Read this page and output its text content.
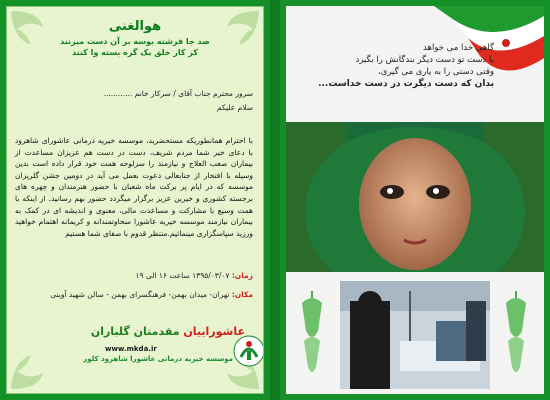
هوالغنی
صد جا فرشته بوسه بر آن دست میزنند
کز کار خلق یک گره بسته وا کنند
سرور محترم جناب آقای / سرکار خانم ............
سلام علیکم
با احترام همانطوریکه مستحضرید، موسسه خیریه درمانی عاشورای شاهرود با دعای خیر شما مردم شریف، دست در دست هم عزیزان مساعدت از بیماران صعب العلاج و نیازمند را سرلوحه همت خود قرار داده است بدین وسیله با افتخار از جنابعالی دعوت بعمل می آید در دومین جشن گلریزان موسسه که در ایام پر برکت ماه شعبان با حضور هنرمندان و چهره های برجسته کشوری و خیرین عزیز برگزار میگردد حضور بهم رسانید. از اینکه با همت وسیع با مشارکت و مساعدت مالی، معنوی و اندیشه ای در کمک به بیماران نیازمند موسسه خیریه عاشورا سخاوتمندانه و کریمانه اهتمام خواهید ورزید سپاسگزاری مینمائیم.منتظر قدوم با صفای شما هستیم
زمان: ۱۳۹۵/۰۳/۰۷ ساعت ۱۶ الی ۱۹
مکان: تهران- میدان بهمن- فرهنگسرای بهمن - سالن شهید آوینی
عاشوراییان مقدمتان گلباران
www.mkda.ir
موسسه خیریه درمانی عاشورا شاهرود کلور
گاهی خدا می خواهد
با دست تو دست دیگر بندگانش را بگیرد
وقتی دستی را به یاری می گیری،
بدان که دست دیگرت در دست خداست...
